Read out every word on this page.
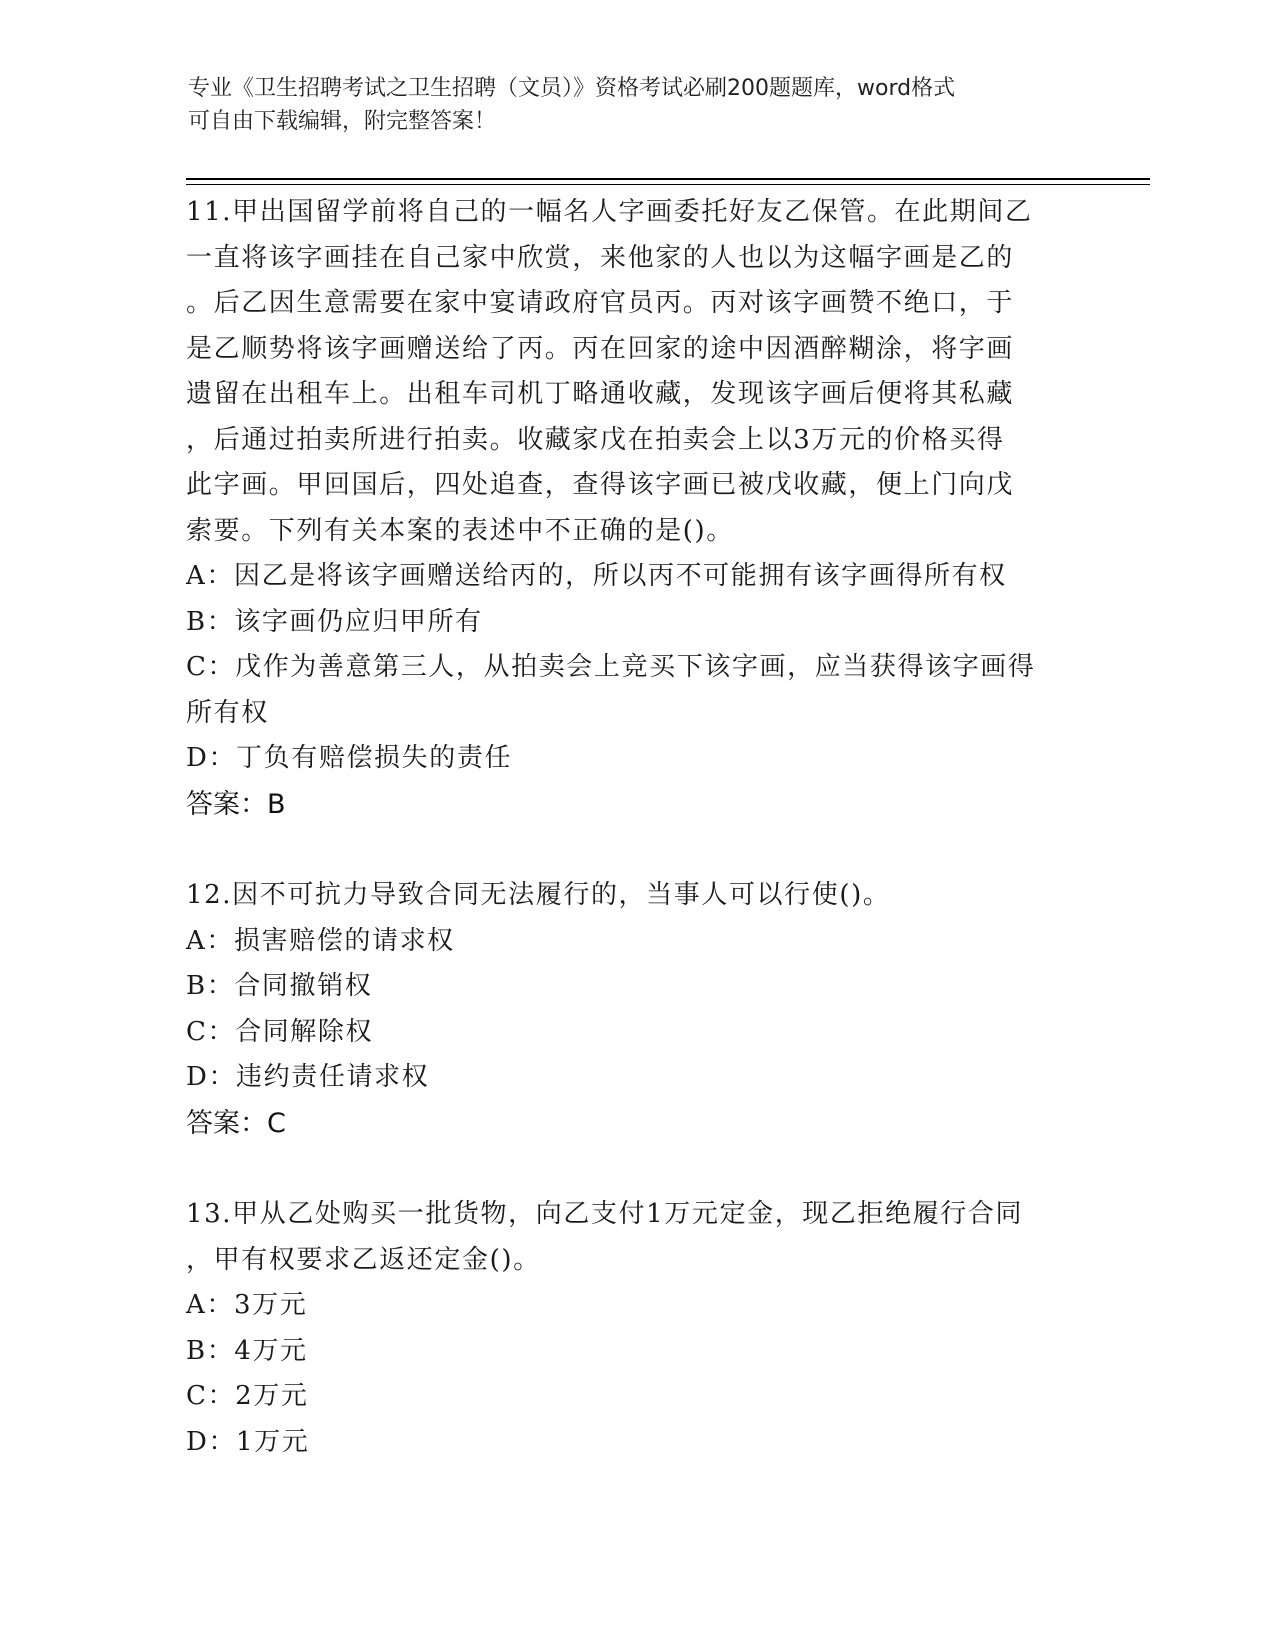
专业《卫生招聘考试之卫生招聘（文员）》资格考试必刷200题题库，word格式
可自由下载编辑，附完整答案！

11.甲出国留学前将自己的一幅名人字画委托好友乙保管。在此期间乙

一直将该字画挂在自己家中欣赏，来他家的人也以为这幅字画是乙的

。后乙因生意需要在家中宴请政府官员丙。丙对该字画赞不绝口，于

是乙顺势将该字画赠送给了丙。丙在回家的途中因酒醉糊涂，将字画

遗留在出租车上。出租车司机丁略通收藏，发现该字画后便将其私藏

，后通过拍卖所进行拍卖。收藏家戊在拍卖会上以3万元的价格买得

此字画。甲回国后，四处追查，查得该字画已被戊收藏，便上门向戊

索要。下列有关本案的表述中不正确的是()。

A：因乙是将该字画赠送给丙的，所以丙不可能拥有该字画得所有权

B：该字画仍应归甲所有

C：戊作为善意第三人，从拍卖会上竞买下该字画，应当获得该字画得

所有权

D：丁负有赔偿损失的责任

答案：B

12.因不可抗力导致合同无法履行的，当事人可以行使()。

A：损害赔偿的请求权

B：合同撤销权

C：合同解除权

D：违约责任请求权

答案：C

13.甲从乙处购买一批货物，向乙支付1万元定金，现乙拒绝履行合同

，甲有权要求乙返还定金()。

A：3万元

B：4万元

C：2万元

D：1万元
